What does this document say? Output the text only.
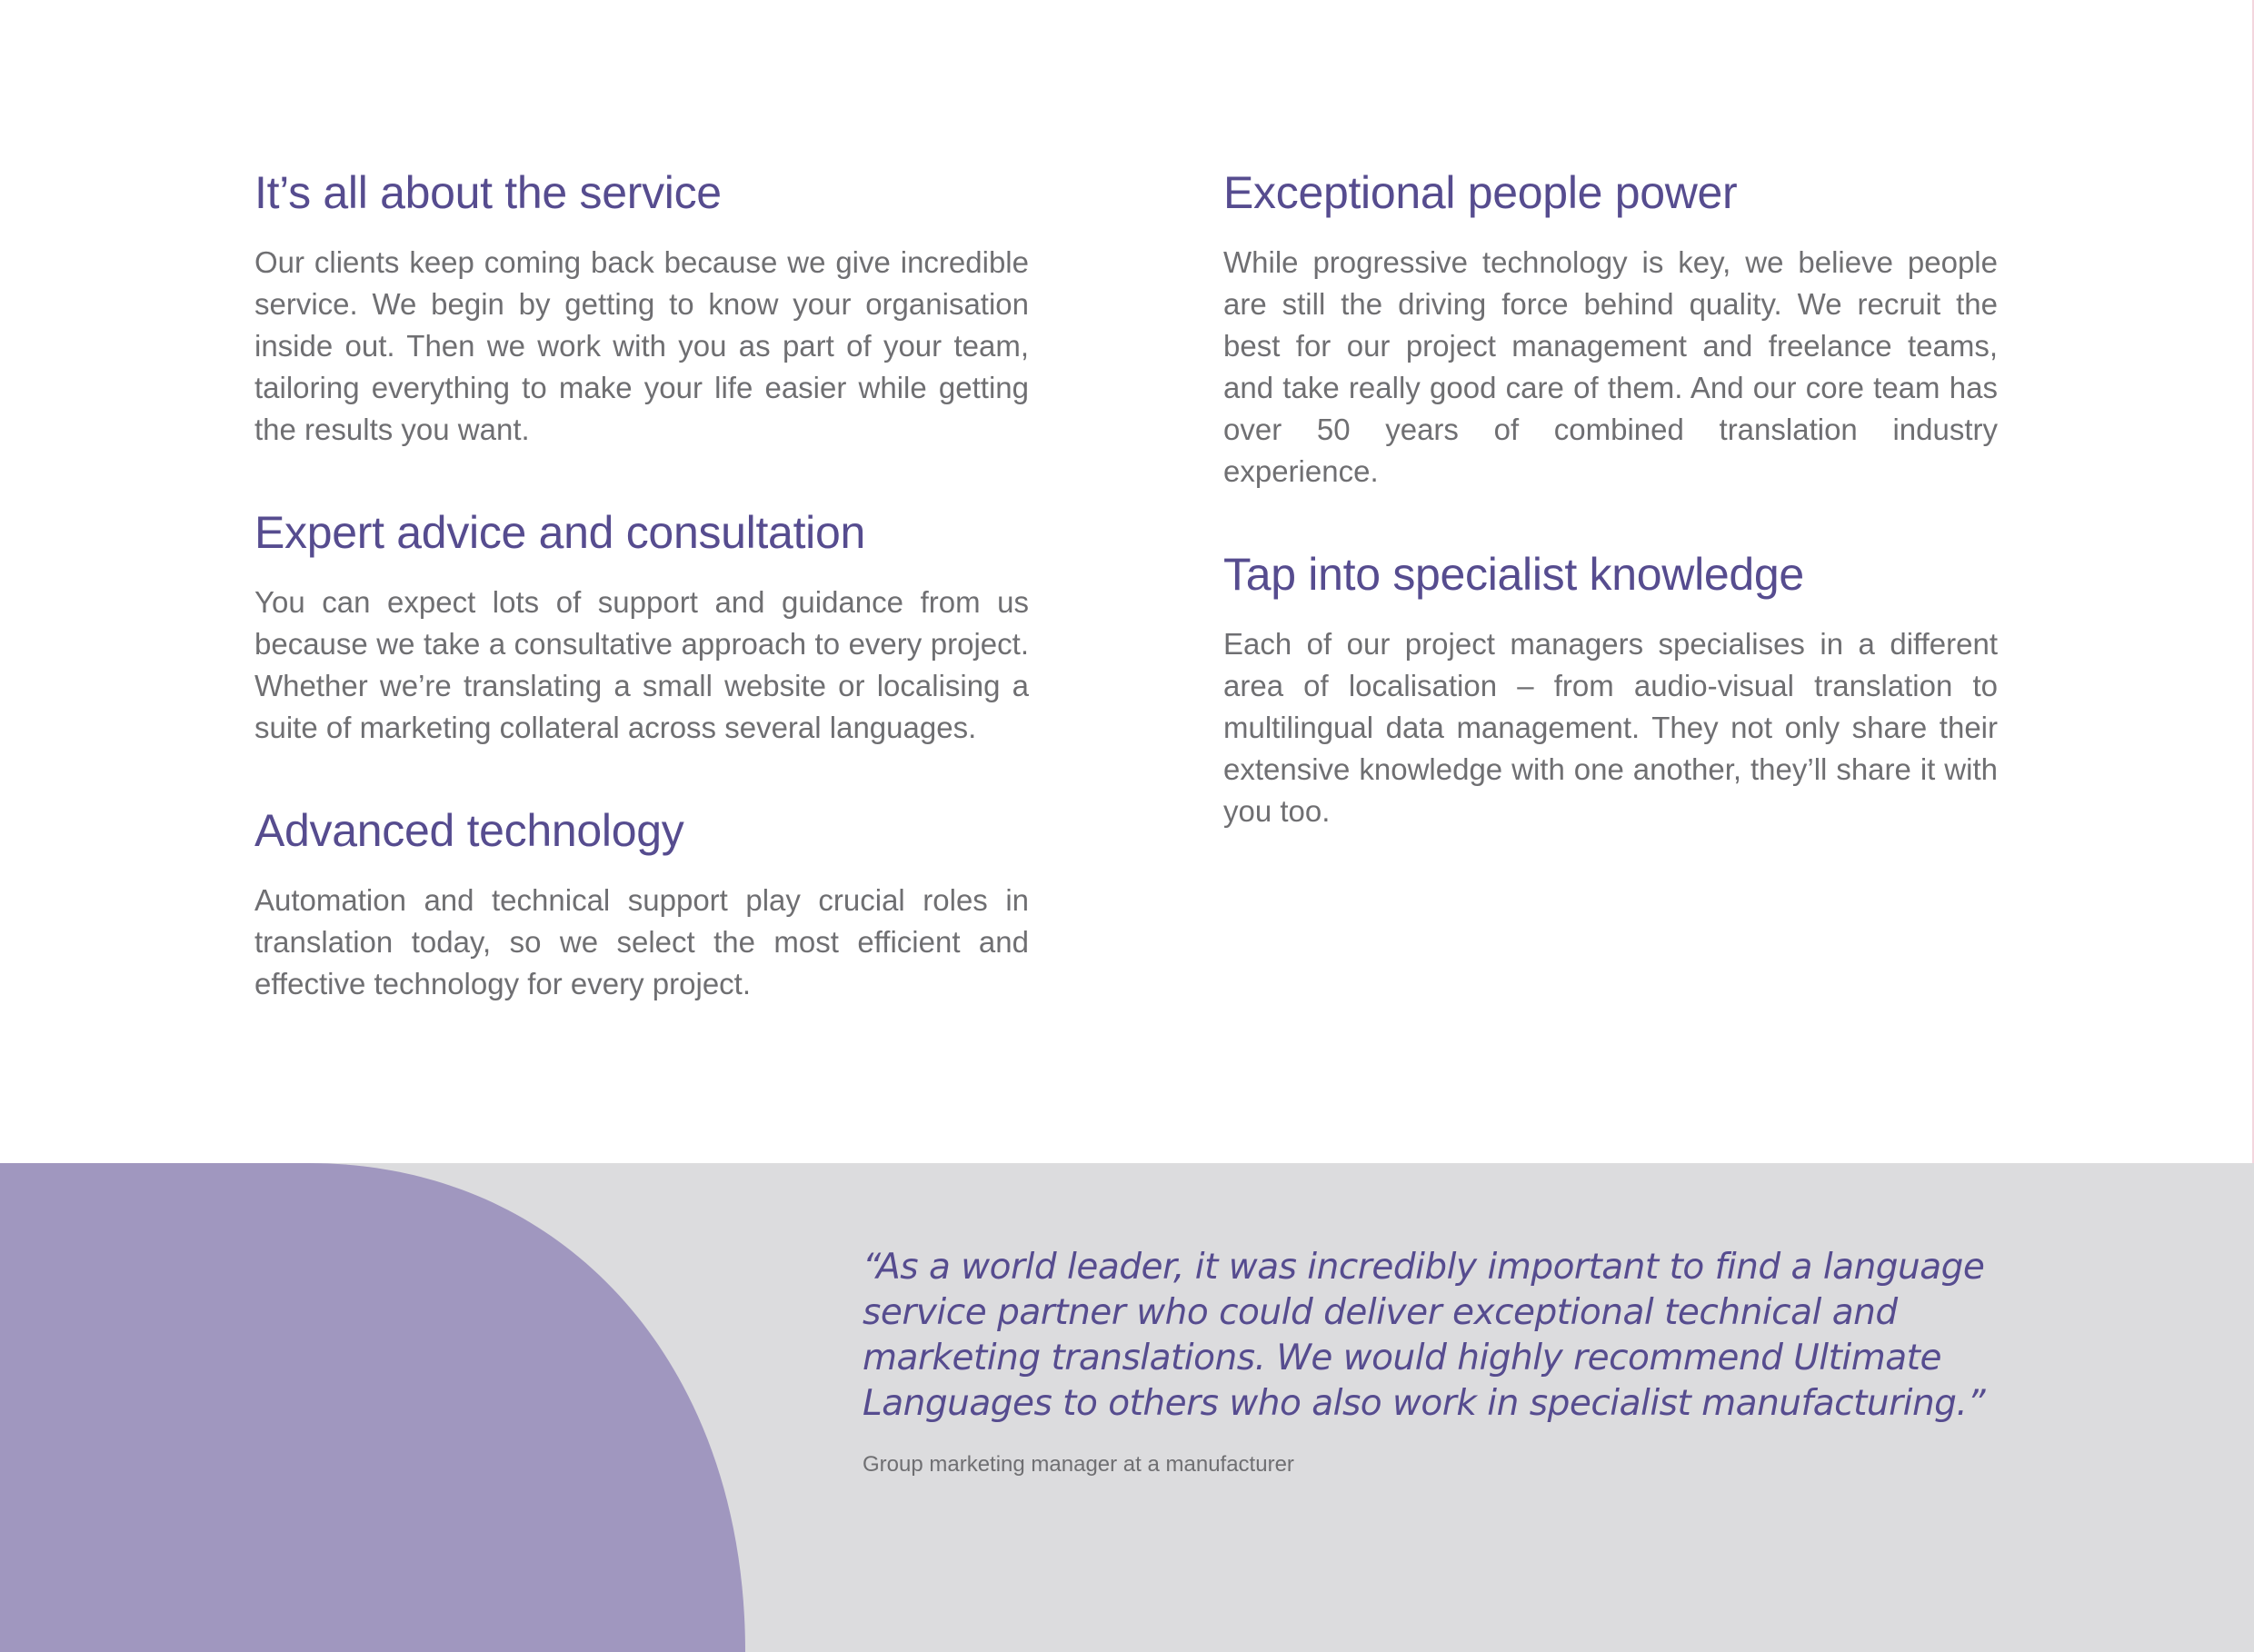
It’s all about the service

Our clients keep coming back because we give incredible service. We begin by getting to know your organisation inside out. Then we work with you as part of your team, tailoring everything to make your life easier while getting the results you want.

Expert advice and consultation

You can expect lots of support and guidance from us because we take a consultative approach to every project. Whether we’re translating a small website or localising a suite of marketing collateral across several languages.

Advanced technology

Automation and technical support play crucial roles in translation today, so we select the most efficient and effective technology for every project.

Exceptional people power

While progressive technology is key, we believe people are still the driving force behind quality. We recruit the best for our project management and freelance teams, and take really good care of them. And our core team has over 50 years of combined translation industry experience.

Tap into specialist knowledge

Each of our project managers specialises in a different area of localisation – from audio-visual translation to multilingual data management. They not only share their extensive knowledge with one another, they’ll share it with you too.

“As a world leader, it was incredibly important to find a language service partner who could deliver exceptional technical and marketing translations. We would highly recommend Ultimate Languages to others who also work in specialist manufacturing.”

Group marketing manager at a manufacturer
